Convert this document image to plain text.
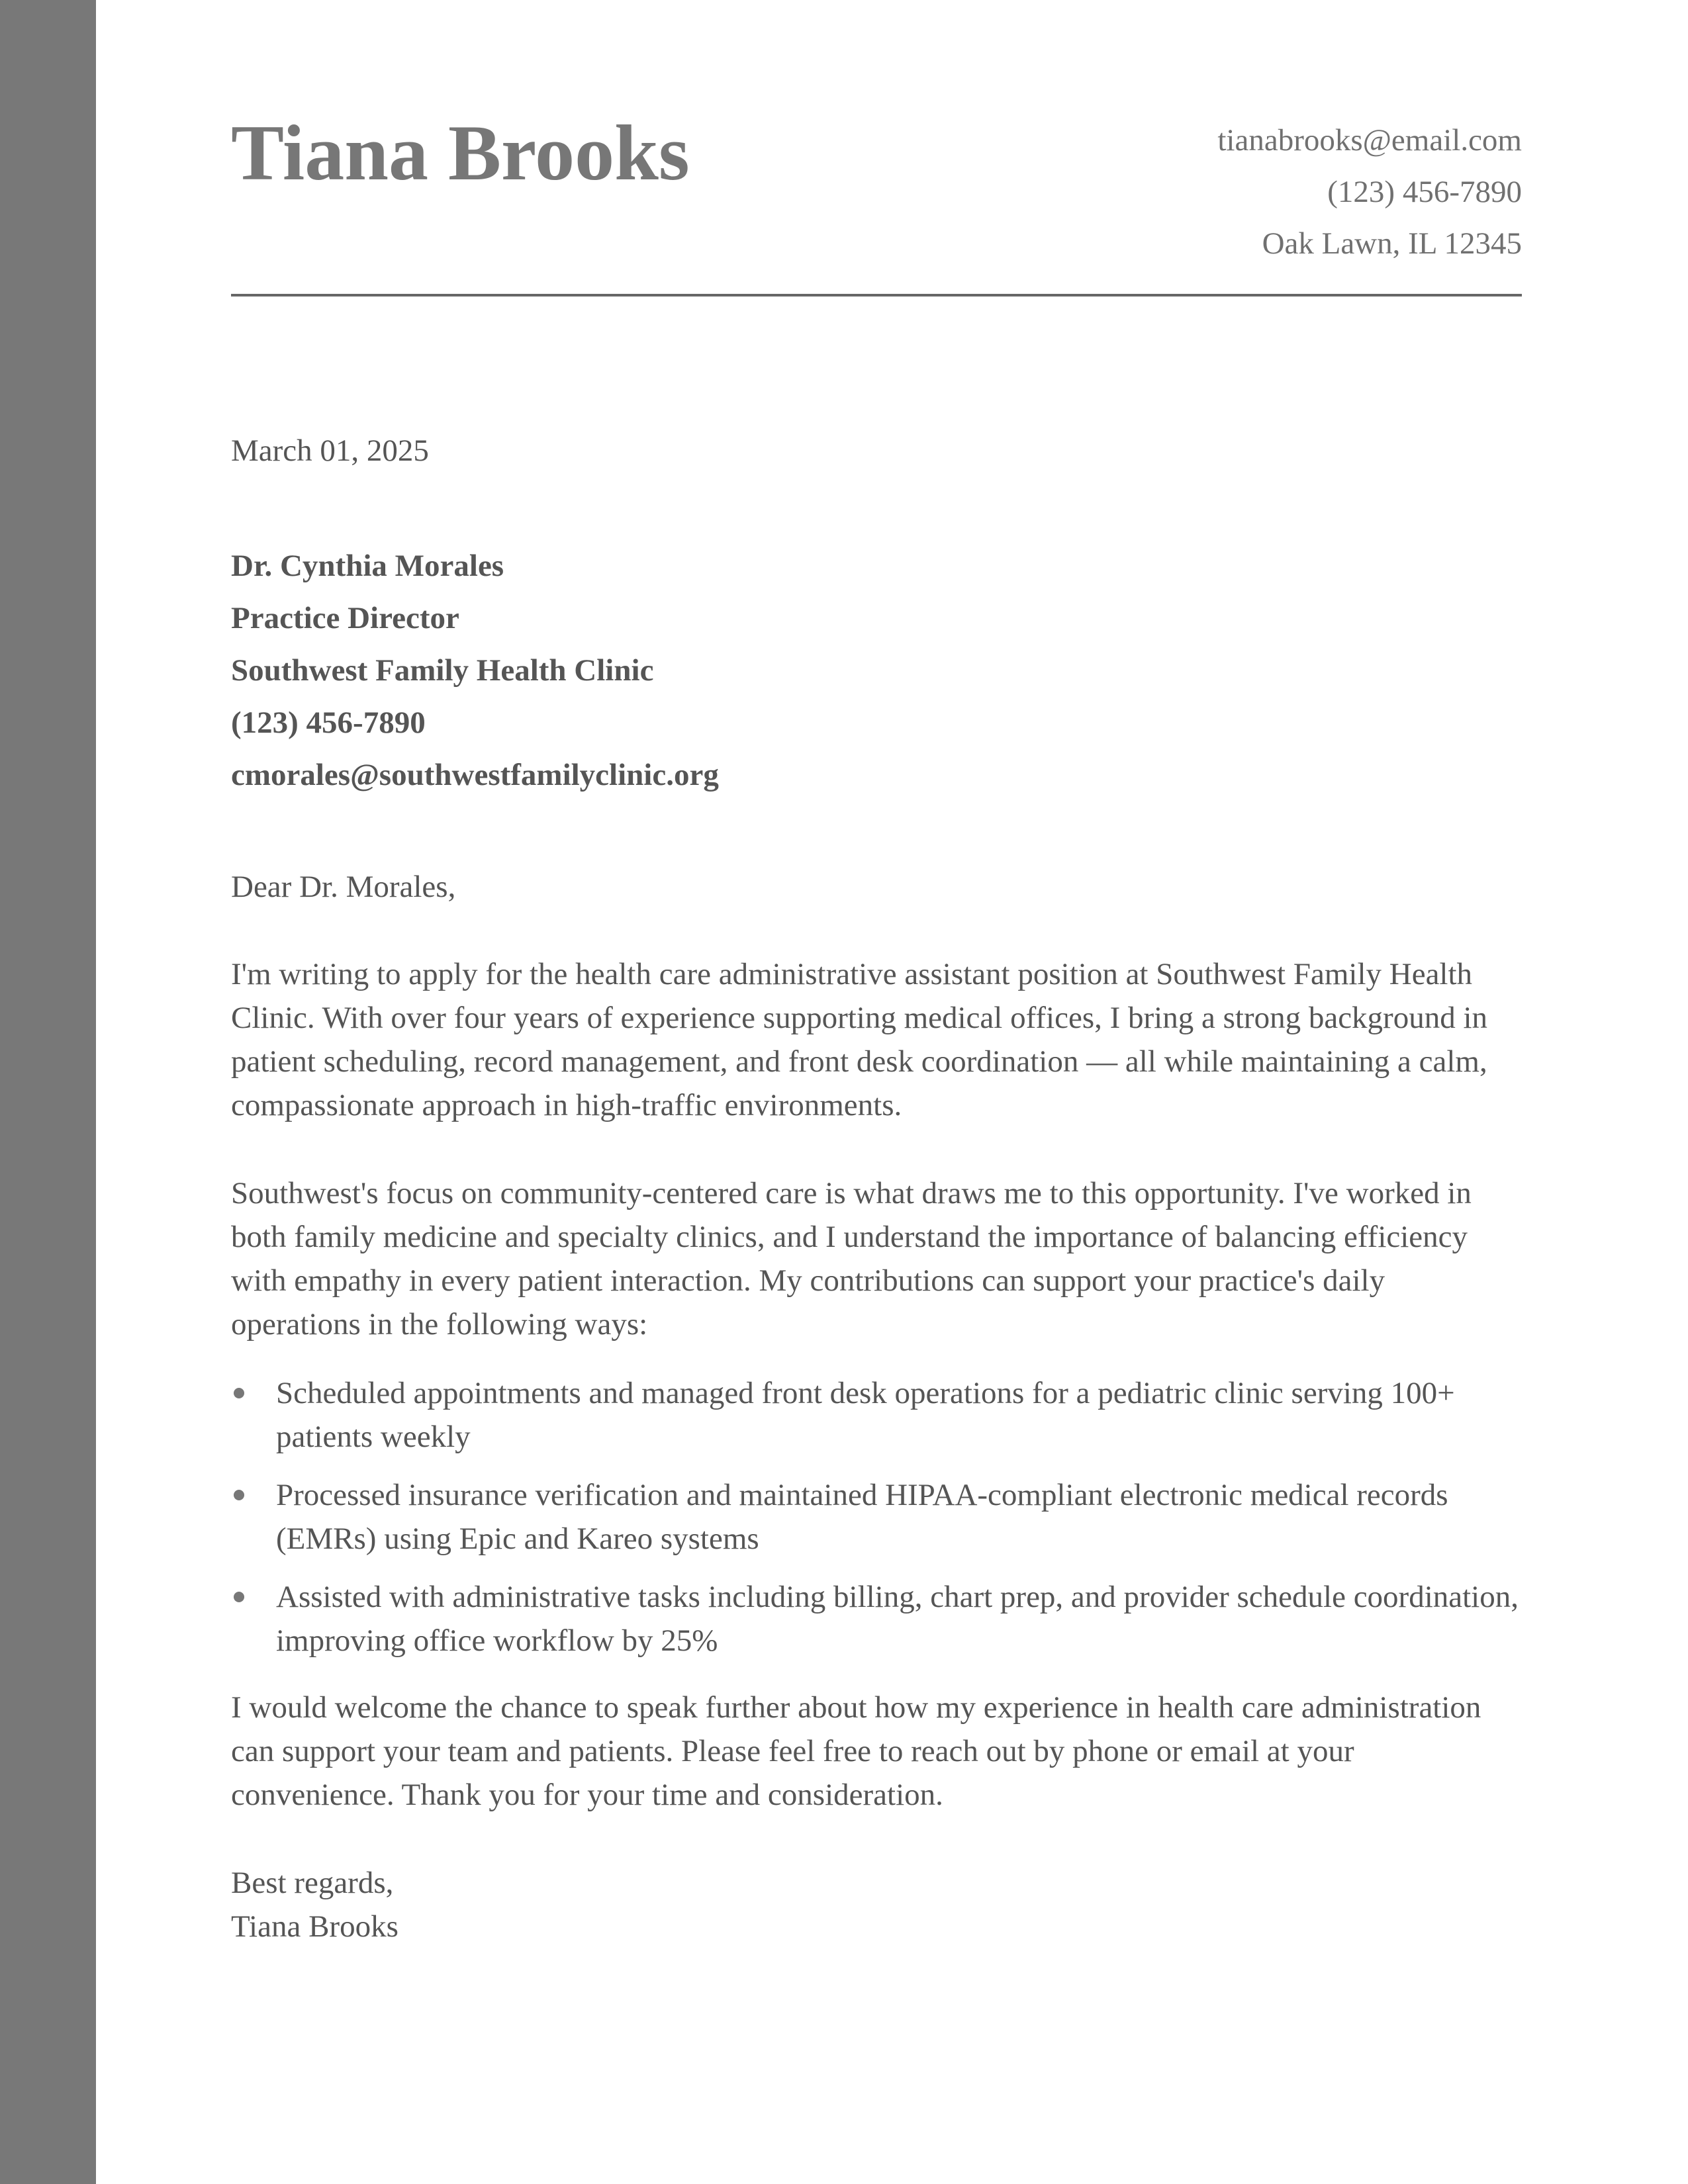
Tiana Brooks	tianabrooks@email.com
(123) 456-7890
Oak Lawn, IL 12345
March 01, 2025
Dr. Cynthia Morales
Practice Director
Southwest Family Health Clinic
(123) 456-7890
cmorales@southwestfamilyclinic.org
Dear Dr. Morales,

I'm writing to apply for the health care administrative assistant position at Southwest Family Health Clinic. With over four years of experience supporting medical offices, I bring a strong background in patient scheduling, record management, and front desk coordination — all while maintaining a calm, compassionate approach in high-traffic environments.

Southwest's focus on community-centered care is what draws me to this opportunity. I've worked in both family medicine and specialty clinics, and I understand the importance of balancing efficiency with empathy in every patient interaction. My contributions can support your practice's daily operations in the following ways:

Scheduled appointments and managed front desk operations for a pediatric clinic serving 100+ patients weekly
Processed insurance verification and maintained HIPAA-compliant electronic medical records (EMRs) using Epic and Kareo systems
Assisted with administrative tasks including billing, chart prep, and provider schedule coordination, improving office workflow by 25%

I would welcome the chance to speak further about how my experience in health care administration can support your team and patients. Please feel free to reach out by phone or email at your convenience. Thank you for your time and consideration.

Best regards,
Tiana Brooks
